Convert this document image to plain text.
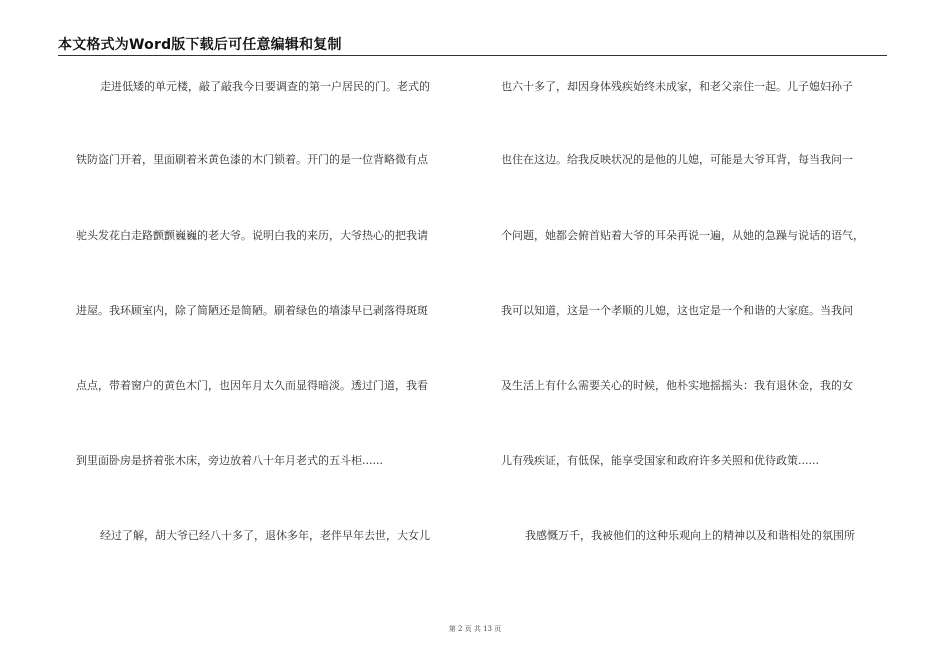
本文格式为Word版下载后可任意编辑和复制
走进低矮的单元楼，敲了敲我今日要调查的第一户居民的门。老式的
铁防盗门开着，里面刷着米黄色漆的木门锁着。开门的是一位背略微有点
驼头发花白走路颤颤巍巍的老大爷。说明白我的来历，大爷热心的把我请
进屋。我环顾室内，除了简陋还是简陋。刷着绿色的墙漆早已剥落得斑斑
点点，带着窗户的黄色木门，也因年月太久而显得暗淡。透过门道，我看
到里面卧房是挤着张木床，旁边放着八十年月老式的五斗柜......
经过了解，胡大爷已经八十多了，退休多年，老伴早年去世，大女儿
也六十多了，却因身体残疾始终未成家，和老父亲住一起。儿子媳妇孙子
也住在这边。给我反映状况的是他的儿媳，可能是大爷耳背，每当我问一
个问题，她都会俯首贴着大爷的耳朵再说一遍，从她的急躁与说话的语气，
我可以知道，这是一个孝顺的儿媳，这也定是一个和谐的大家庭。当我问
及生活上有什么需要关心的时候，他朴实地摇摇头：我有退休金，我的女
儿有残疾证，有低保，能享受国家和政府许多关照和优待政策......
我感慨万千，我被他们的这种乐观向上的精神以及和谐相处的氛围所
第 2 页 共 13 页
